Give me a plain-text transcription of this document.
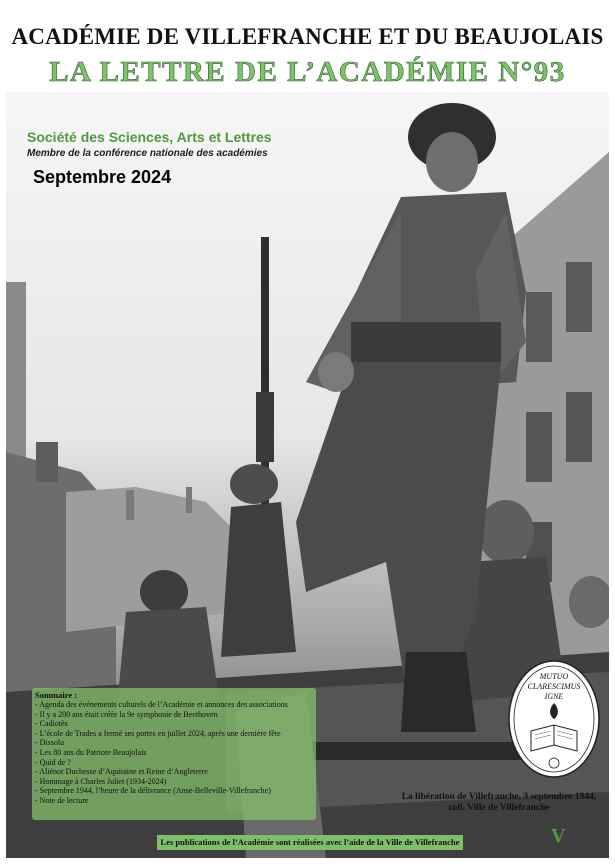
ACADÉMIE DE VILLEFRANCHE ET DU BEAUJOLAIS
LA LETTRE DE L’ACADÉMIE N°93
Société des Sciences, Arts et Lettres
Membre de la conférence nationale des académies
Septembre 2024
Sommaire :
- Agenda des événements culturels de l’Académie et annonces des associations
- Il y a 200 ans était créée la 9e symphonie de Beethoven
- Cadiotès
- L’école de Trades a fermé ses portes en juillet 2024, après une dernière fête
- Dissolu
- Les 80 ans du Patriote Beaujolais
- Quid de ?
- Aliénor Duchesse d’Aquitaine et Reine d’Angleterre
- Hommage à Charles Juliet (1934-2024)
- Septembre 1944, l’heure de la délivrance (Anse-Belleville-Villefranche)
- Note de lecture
MUTUO
CLARESCIMUS
IGNE
La libération de Villefranche, 3 septembre 1944,
coll. Ville de Villefranche
Les publications de l’Académie sont réalisées avec l’aide de la Ville de Villefranche	V
